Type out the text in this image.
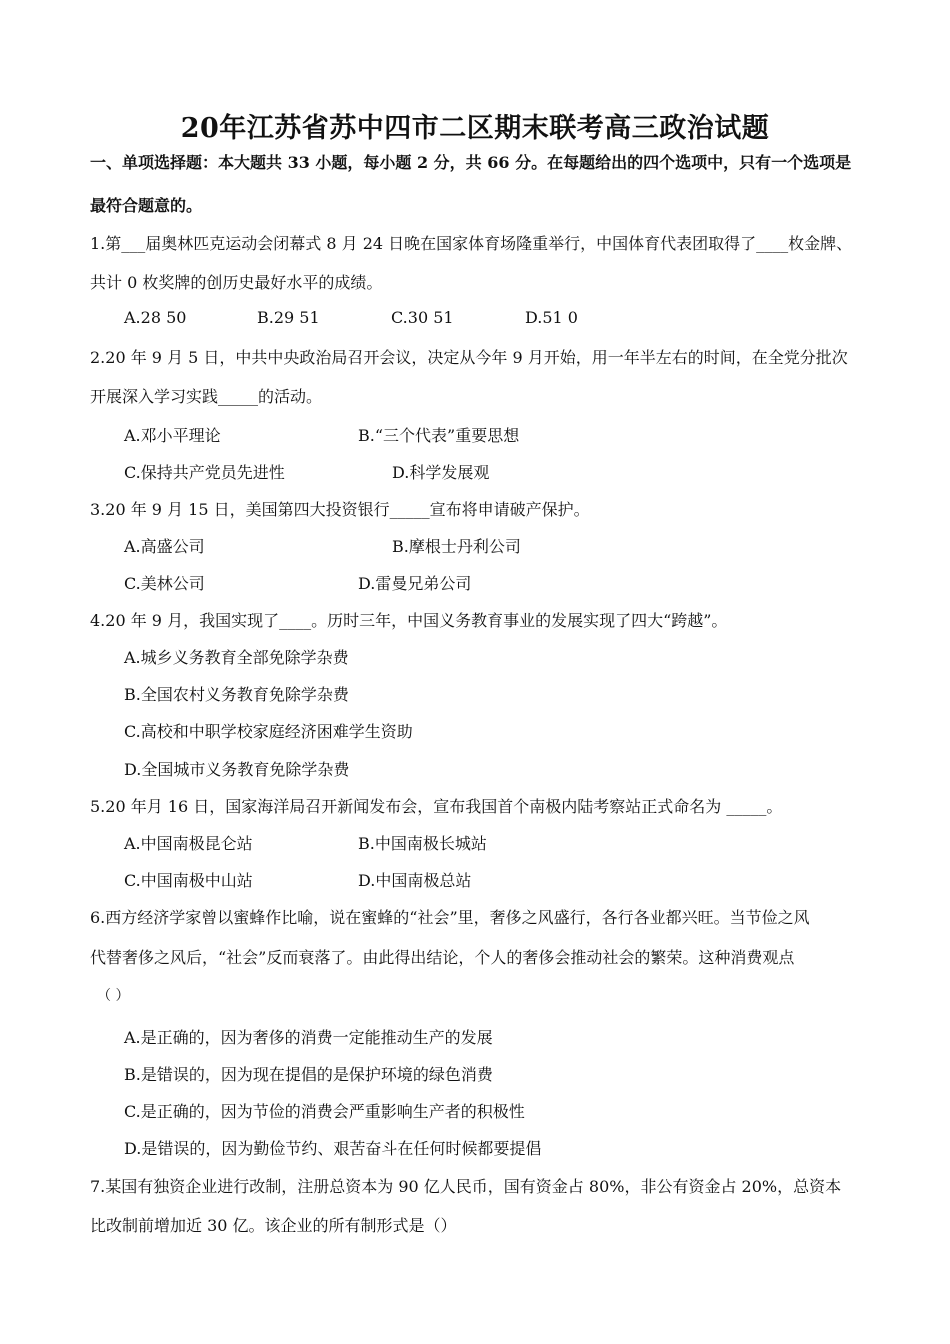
20年江苏省苏中四市二区期末联考高三政治试题
一、单项选择题：本大题共 33 小题，每小题 2 分，共 66 分。在每题给出的四个选项中，只有一个选项是
最符合题意的。
1.第___届奥林匹克运动会闭幕式 8 月 24 日晚在国家体育场隆重举行，中国体育代表团取得了____枚金牌、
共计 0 枚奖牌的创历史最好水平的成绩。
A.28 50	B.29 51	C.30 51	D.51 0
2.20 年 9 月 5 日，中共中央政治局召开会议，决定从今年 9 月开始，用一年半左右的时间，在全党分批次
开展深入学习实践_____的活动。
A.邓小平理论	B.“三个代表”重要思想
C.保持共产党员先进性	D.科学发展观
3.20 年 9 月 15 日，美国第四大投资银行_____宣布将申请破产保护。
A.高盛公司	B.摩根士丹利公司
C.美林公司	D.雷曼兄弟公司
4.20 年 9 月，我国实现了____。历时三年，中国义务教育事业的发展实现了四大“跨越”。
A.城乡义务教育全部免除学杂费
B.全国农村义务教育免除学杂费
C.高校和中职学校家庭经济困难学生资助
D.全国城市义务教育免除学杂费
5.20 年月 16 日，国家海洋局召开新闻发布会，宣布我国首个南极内陆考察站正式命名为 _____。
A.中国南极昆仑站	B.中国南极长城站
C.中国南极中山站	D.中国南极总站
6.西方经济学家曾以蜜蜂作比喻，说在蜜蜂的“社会”里，奢侈之风盛行，各行各业都兴旺。当节俭之风
代替奢侈之风后，“社会”反而衰落了。由此得出结论，个人的奢侈会推动社会的繁荣。这种消费观点
（ ）
A.是正确的，因为奢侈的消费一定能推动生产的发展
B.是错误的，因为现在提倡的是保护环境的绿色消费
C.是正确的，因为节俭的消费会严重影响生产者的积极性
D.是错误的，因为勤俭节约、艰苦奋斗在任何时候都要提倡
7.某国有独资企业进行改制，注册总资本为 90 亿人民币，国有资金占 80%，非公有资金占 20%，总资本
比改制前增加近 30 亿。该企业的所有制形式是（）
